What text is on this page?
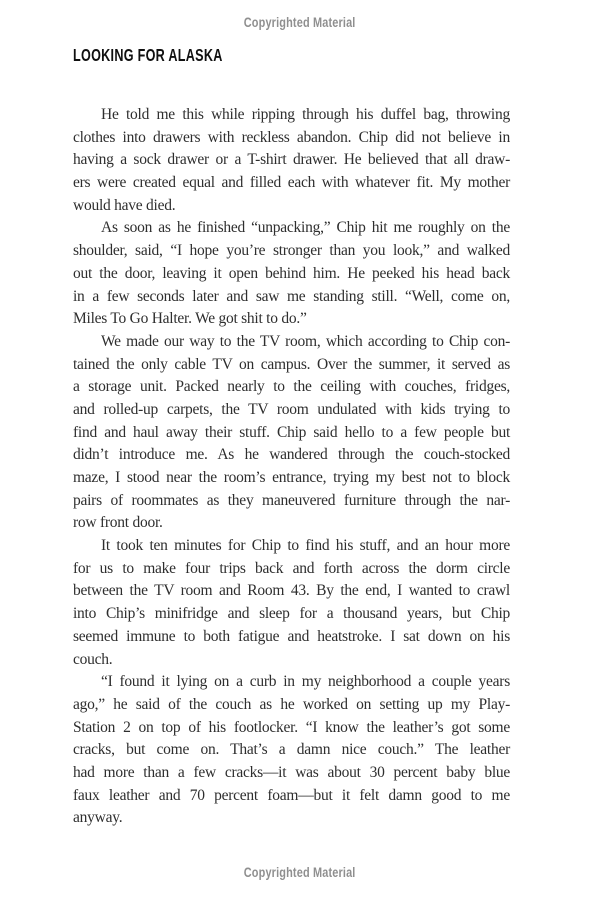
Copyrighted Material
LOOKING FOR ALASKA
He told me this while ripping through his duffel bag, throwing
clothes into drawers with reckless abandon. Chip did not believe in
having a sock drawer or a T-shirt drawer. He believed that all draw-
ers were created equal and filled each with whatever fit. My mother
would have died.
As soon as he finished “unpacking,” Chip hit me roughly on the
shoulder, said, “I hope you’re stronger than you look,” and walked
out the door, leaving it open behind him. He peeked his head back
in a few seconds later and saw me standing still. “Well, come on,
Miles To Go Halter. We got shit to do.”
We made our way to the TV room, which according to Chip con-
tained the only cable TV on campus. Over the summer, it served as
a storage unit. Packed nearly to the ceiling with couches, fridges,
and rolled-up carpets, the TV room undulated with kids trying to
find and haul away their stuff. Chip said hello to a few people but
didn’t introduce me. As he wandered through the couch-stocked
maze, I stood near the room’s entrance, trying my best not to block
pairs of roommates as they maneuvered furniture through the nar-
row front door.
It took ten minutes for Chip to find his stuff, and an hour more
for us to make four trips back and forth across the dorm circle
between the TV room and Room 43. By the end, I wanted to crawl
into Chip’s minifridge and sleep for a thousand years, but Chip
seemed immune to both fatigue and heatstroke. I sat down on his
couch.
“I found it lying on a curb in my neighborhood a couple years
ago,” he said of the couch as he worked on setting up my Play-
Station 2 on top of his footlocker. “I know the leather’s got some
cracks, but come on. That’s a damn nice couch.” The leather
had more than a few cracks—it was about 30 percent baby blue
faux leather and 70 percent foam—but it felt damn good to me
anyway.
Copyrighted Material
